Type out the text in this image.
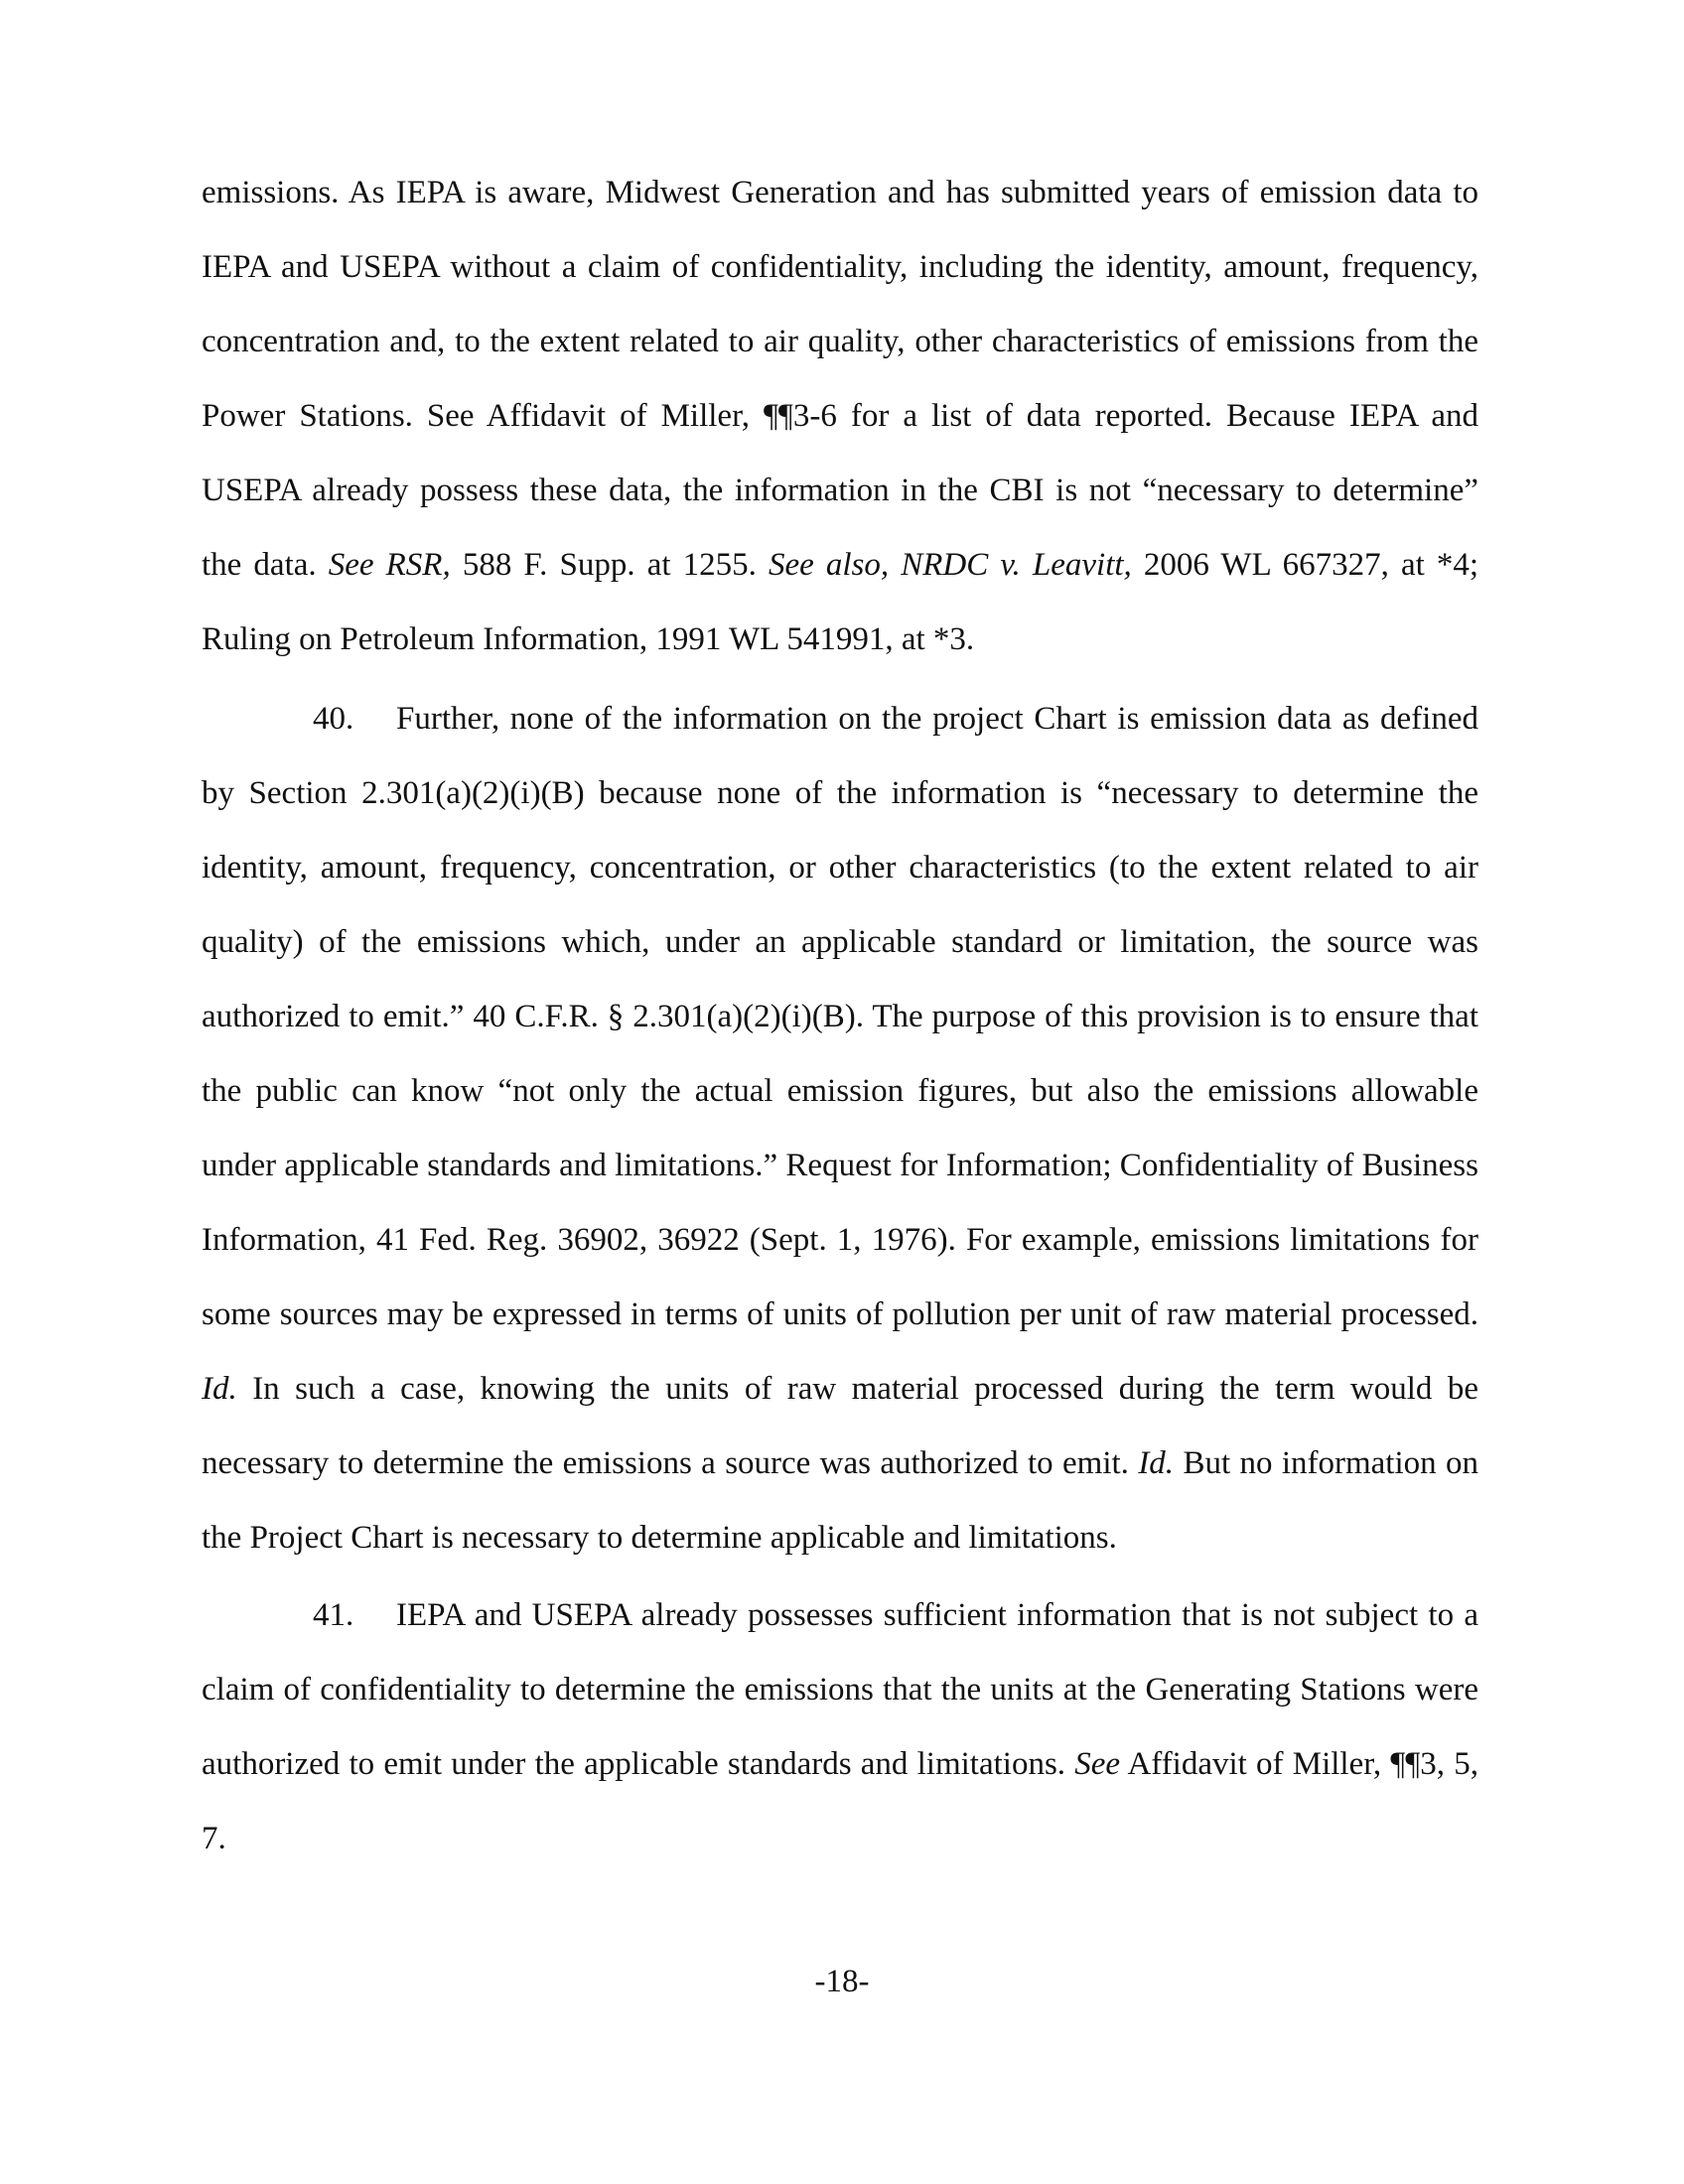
emissions. As IEPA is aware, Midwest Generation and has submitted years of emission data to IEPA and USEPA without a claim of confidentiality, including the identity, amount, frequency, concentration and, to the extent related to air quality, other characteristics of emissions from the Power Stations. See Affidavit of Miller, ¶¶3-6 for a list of data reported. Because IEPA and USEPA already possess these data, the information in the CBI is not “necessary to determine” the data. See RSR, 588 F. Supp. at 1255. See also, NRDC v. Leavitt, 2006 WL 667327, at *4; Ruling on Petroleum Information, 1991 WL 541991, at *3.

40. Further, none of the information on the project Chart is emission data as defined by Section 2.301(a)(2)(i)(B) because none of the information is “necessary to determine the identity, amount, frequency, concentration, or other characteristics (to the extent related to air quality) of the emissions which, under an applicable standard or limitation, the source was authorized to emit.” 40 C.F.R. § 2.301(a)(2)(i)(B). The purpose of this provision is to ensure that the public can know “not only the actual emission figures, but also the emissions allowable under applicable standards and limitations.” Request for Information; Confidentiality of Business Information, 41 Fed. Reg. 36902, 36922 (Sept. 1, 1976). For example, emissions limitations for some sources may be expressed in terms of units of pollution per unit of raw material processed. Id. In such a case, knowing the units of raw material processed during the term would be necessary to determine the emissions a source was authorized to emit. Id. But no information on the Project Chart is necessary to determine applicable and limitations.

41. IEPA and USEPA already possesses sufficient information that is not subject to a claim of confidentiality to determine the emissions that the units at the Generating Stations were authorized to emit under the applicable standards and limitations. See Affidavit of Miller, ¶¶3, 5, 7.

-18-
